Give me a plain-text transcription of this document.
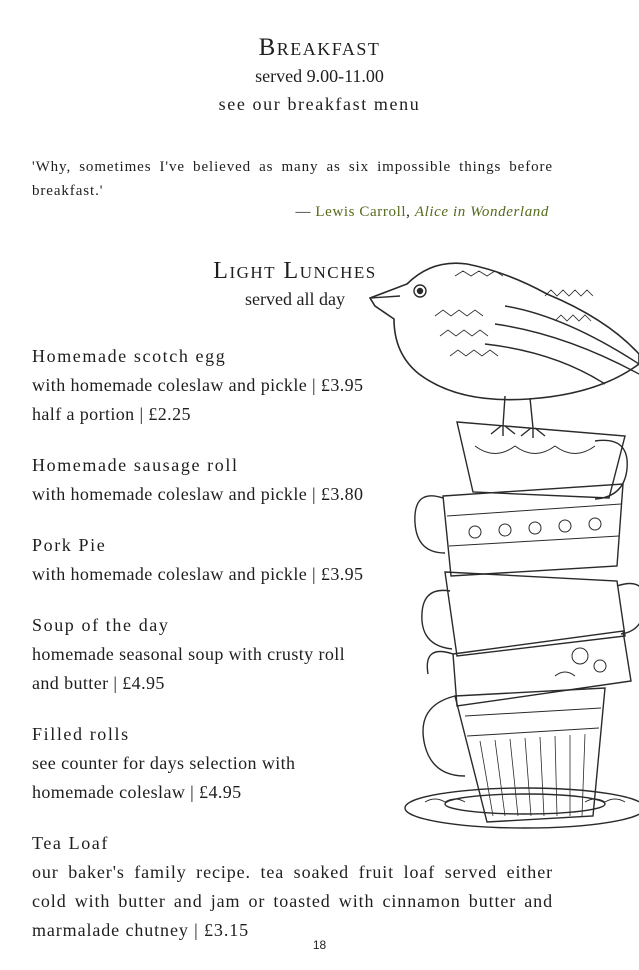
Breakfast
served 9.00-11.00
see our breakfast menu
'Why, sometimes I've believed as many as six impossible things before breakfast.'
— Lewis Carroll, Alice in Wonderland
Light Lunches
served all day
Homemade scotch egg
with homemade coleslaw and pickle | £3.95
half a portion | £2.25
Homemade sausage roll
with homemade coleslaw and pickle | £3.80
Pork Pie
with homemade coleslaw and pickle | £3.95
Soup of the day
homemade seasonal soup with crusty roll
and butter | £4.95
Filled rolls
see counter for days selection with
homemade coleslaw | £4.95
Tea Loaf
our baker's family recipe. tea soaked fruit loaf served either cold with butter and jam or toasted with cinnamon butter and marmalade chutney | £3.15
18
